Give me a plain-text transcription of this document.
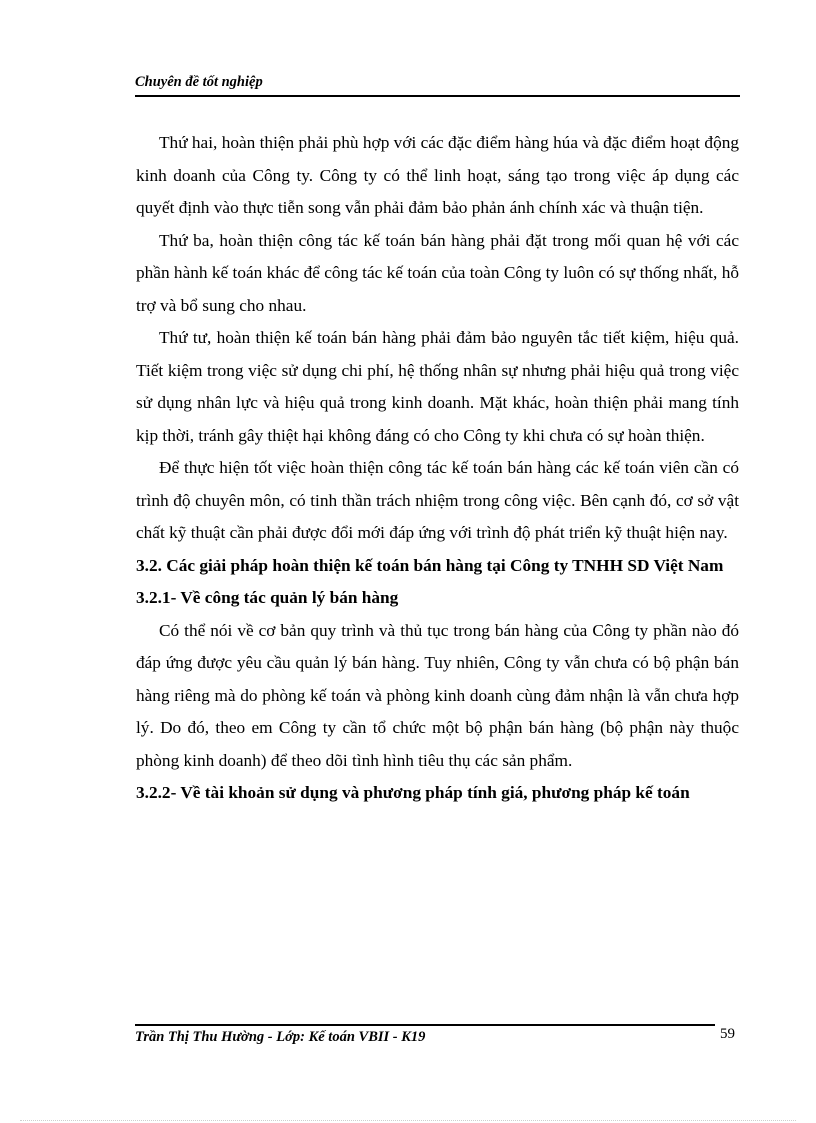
Chuyên đề tốt nghiệp

Thứ hai, hoàn thiện phải phù hợp với các đặc điểm hàng húa và đặc điểm hoạt động kinh doanh của Công ty. Công ty có thể linh hoạt, sáng tạo trong việc áp dụng các quyết định vào thực tiễn song vẫn phải đảm bảo phản ánh chính xác và thuận tiện.

Thứ ba, hoàn thiện công tác kế toán bán hàng phải đặt trong mối quan hệ với các phần hành kế toán khác để công tác kế toán của toàn Công ty luôn có sự thống nhất, hỗ trợ và bổ sung cho nhau.

Thứ tư, hoàn thiện kế toán bán hàng phải đảm bảo nguyên tắc tiết kiệm, hiệu quả. Tiết kiệm trong việc sử dụng chi phí, hệ thống nhân sự nhưng phải hiệu quả trong việc sử dụng nhân lực và hiệu quả trong kinh doanh. Mặt khác, hoàn thiện phải mang tính kịp thời, tránh gây thiệt hại không đáng có cho Công ty khi chưa có sự hoàn thiện.

Để thực hiện tốt việc hoàn thiện công tác kế toán bán hàng các kế toán viên cần có trình độ chuyên môn, có tinh thần trách nhiệm trong công việc. Bên cạnh đó, cơ sở vật chất kỹ thuật cần phải được đổi mới đáp ứng với trình độ phát triển kỹ thuật hiện nay.

3.2. Các giải pháp hoàn thiện kế toán bán hàng tại Công ty TNHH SD Việt Nam
3.2.1- Về công tác quản lý bán hàng

Có thể nói về cơ bản quy trình và thủ tục trong bán hàng của Công ty phần nào đó đáp ứng được yêu cầu quản lý bán hàng. Tuy nhiên, Công ty vẫn chưa có bộ phận bán hàng riêng mà do phòng kế toán và phòng kinh doanh cùng đảm nhận là vẫn chưa hợp lý. Do đó, theo em Công ty cần tổ chức một bộ phận bán hàng (bộ phận này thuộc phòng kinh doanh) để theo dõi tình hình tiêu thụ các sản phẩm.

3.2.2- Về tài khoản sử dụng và phương pháp tính giá, phương pháp kế toán
Trần Thị Thu Hường - Lớp: Kế toán VBII - K19	59
